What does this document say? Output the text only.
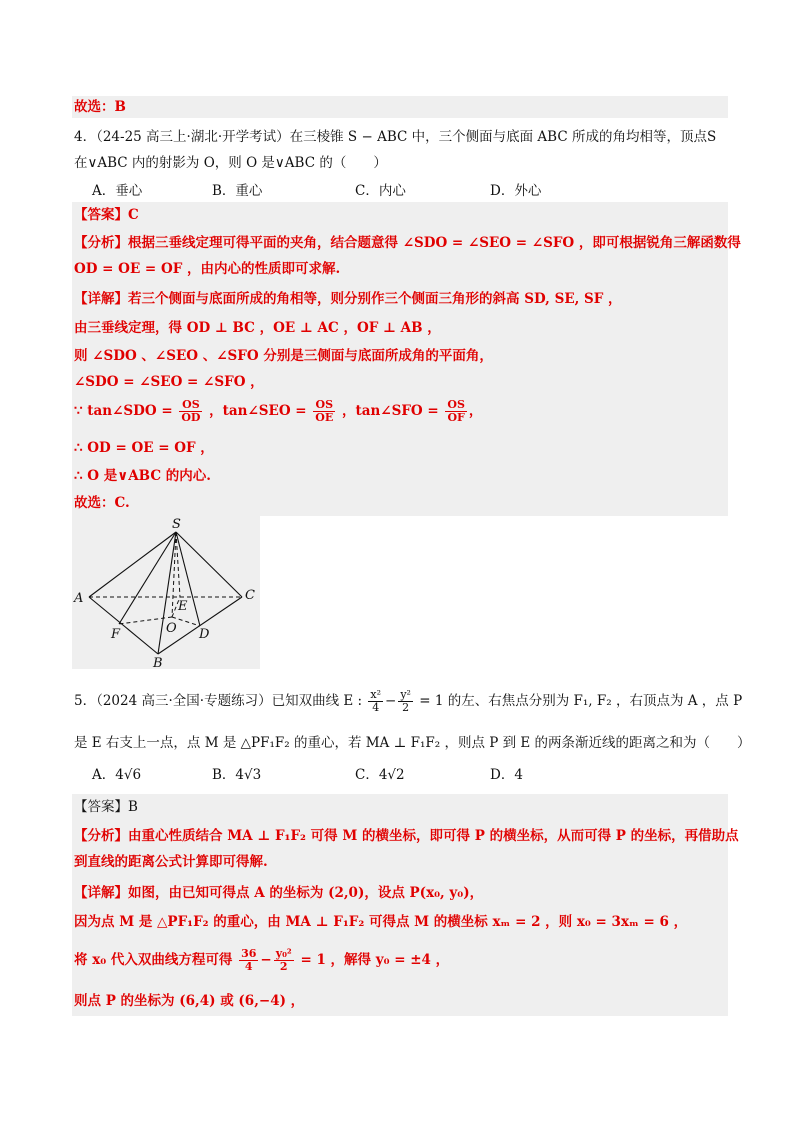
故选：B
4．（24-25 高三上·湖北·开学考试）在三棱锥 S − ABC 中，三个侧面与底面 ABC 所成的角均相等，顶点S
在∨ABC 内的射影为 O，则 O 是∨ABC 的（　　）
A．垂心	B．重心	C．内心	D．外心
【答案】C
【分析】根据三垂线定理可得平面的夹角，结合题意得 ∠SDO = ∠SEO = ∠SFO ，即可根据锐角三解函数得
OD = OE = OF ，由内心的性质即可求解.
【详解】若三个侧面与底面所成的角相等，则分别作三个侧面三角形的斜高 SD, SE, SF ，
由三垂线定理，得 OD ⊥ BC ，OE ⊥ AC ，OF ⊥ AB ，
则 ∠SDO 、∠SEO 、∠SFO 分别是三侧面与底面所成角的平面角，
∠SDO = ∠SEO = ∠SFO ，
∵ tan∠SDO = $\frac{OS}{OD}$ ，tan∠SEO = $\frac{OS}{OE}$ ，tan∠SFO = $\frac{OS}{OF}$ ，
∴ OD = OE = OF ，
∴ O 是∨ABC 的内心.
故选：C.
S
A	C
B
D
E
F	O
5．（2024 高三·全国·专题练习）已知双曲线 E : $\frac{\text{x²}}{4} - \frac{\text{y²}}{2} = 1$ 的左、右焦点分别为 F₁, F₂ ，右顶点为 A ，点 P
是 E 右支上一点，点 M 是 △PF₁F₂ 的重心，若 MA ⊥ F₁F₂ ，则点 P 到 E 的两条渐近线的距离之和为（　　）
A．4√6	B．4√3	C．4√2	D．4
【答案】B
【分析】由重心性质结合 MA ⊥ F₁F₂ 可得 M 的横坐标，即可得 P 的横坐标，从而可得 P 的坐标，再借助点
到直线的距离公式计算即可得解.
【详解】如图，由已知可得点 A 的坐标为 (2,0)，设点 P(x₀, y₀)，
因为点 M 是 △PF₁F₂ 的重心，由 MA ⊥ F₁F₂ 可得点 M 的横坐标 xₘ = 2 ，则 x₀ = 3xₘ = 6 ，
将 x₀ 代入双曲线方程可得 $\frac{36}{4} - \frac{\text{y₀²}}{2} = 1$ ，解得 y₀ = ±4 ，
则点 P 的坐标为 (6,4) 或 (6,−4) ，
